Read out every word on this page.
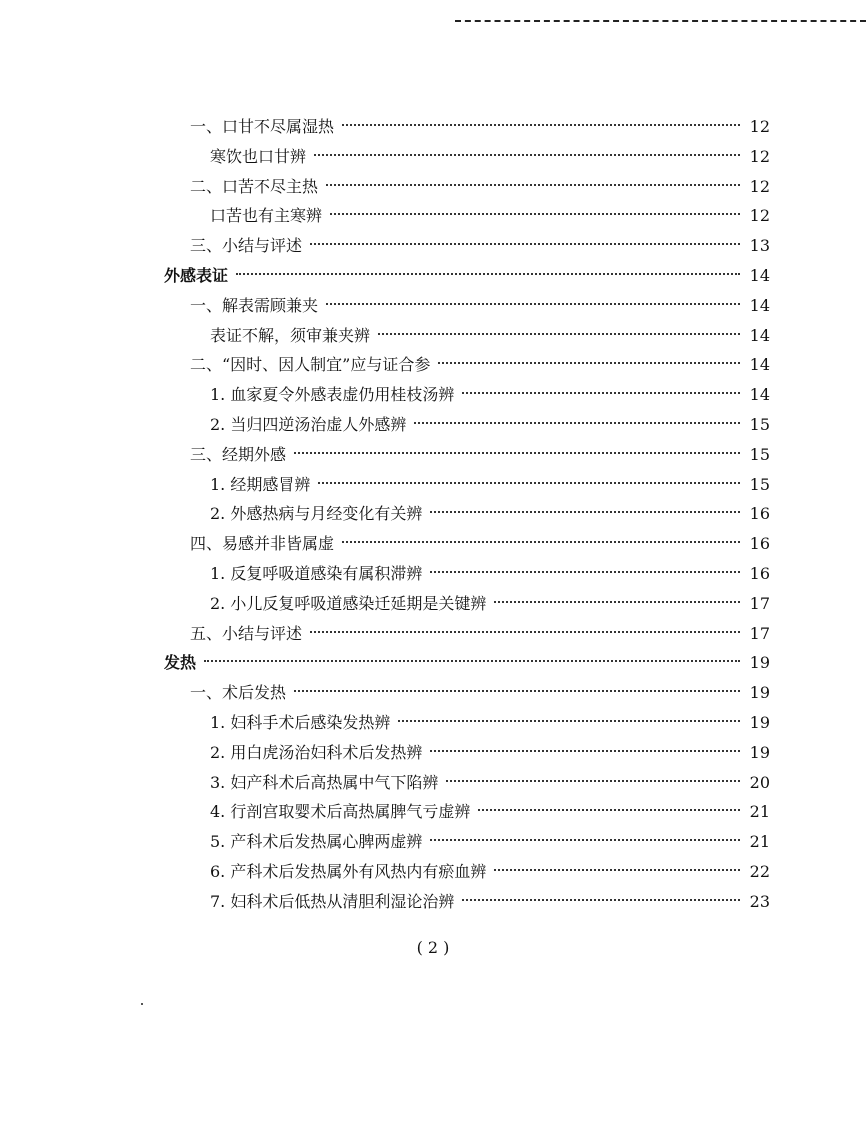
一、口甘不尽属湿热	12
寒饮也口甘辨	12
二、口苦不尽主热	12
口苦也有主寒辨	12
三、小结与评述	13
外感表证	14
一、解表需顾兼夹	14
表证不解，须审兼夹辨	14
二、“因时、因人制宜”应与证合参	14
1. 血家夏令外感表虚仍用桂枝汤辨	14
2. 当归四逆汤治虚人外感辨	15
三、经期外感	15
1. 经期感冒辨	15
2. 外感热病与月经变化有关辨	16
四、易感并非皆属虚	16
1. 反复呼吸道感染有属积滞辨	16
2. 小儿反复呼吸道感染迁延期是关键辨	17
五、小结与评述	17
发热	19
一、术后发热	19
1. 妇科手术后感染发热辨	19
2. 用白虎汤治妇科术后发热辨	19
3. 妇产科术后高热属中气下陷辨	20
4. 行剖宫取婴术后高热属脾气亏虚辨	21
5. 产科术后发热属心脾两虚辨	21
6. 产科术后发热属外有风热内有瘀血辨	22
7. 妇科术后低热从清胆利湿论治辨	23
( 2 )
